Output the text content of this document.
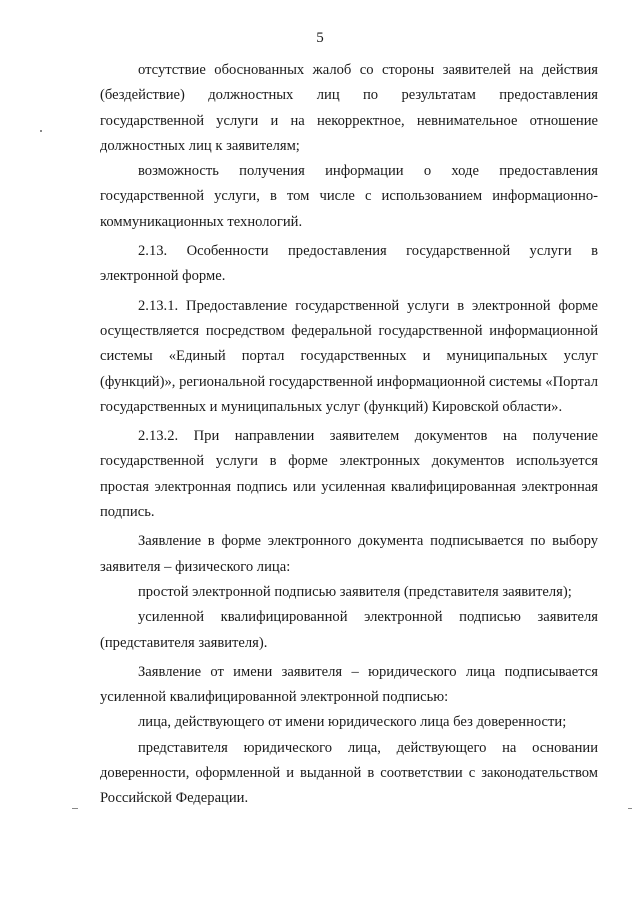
5

отсутствие обоснованных жалоб со стороны заявителей на действия (бездействие) должностных лиц по результатам предоставления государственной услуги и на некорректное, невнимательное отношение должностных лиц к заявителям;

возможность получения информации о ходе предоставления государственной услуги, в том числе с использованием информационно-коммуникационных технологий.

2.13. Особенности предоставления государственной услуги в электронной форме.

2.13.1. Предоставление государственной услуги в электронной форме осуществляется посредством федеральной государственной информационной системы «Единый портал государственных и муниципальных услуг (функций)», региональной государственной информационной системы «Портал государственных и муниципальных услуг (функций) Кировской области».

2.13.2. При направлении заявителем документов на получение государственной услуги в форме электронных документов используется простая электронная подпись или усиленная квалифицированная электронная подпись.

Заявление в форме электронного документа подписывается по выбору заявителя – физического лица:

простой электронной подписью заявителя (представителя заявителя);

усиленной квалифицированной электронной подписью заявителя (представителя заявителя).

Заявление от имени заявителя – юридического лица подписывается усиленной квалифицированной электронной подписью:

лица, действующего от имени юридического лица без доверенности;

представителя юридического лица, действующего на основании доверенности, оформленной и выданной в соответствии с законодательством Российской Федерации.
